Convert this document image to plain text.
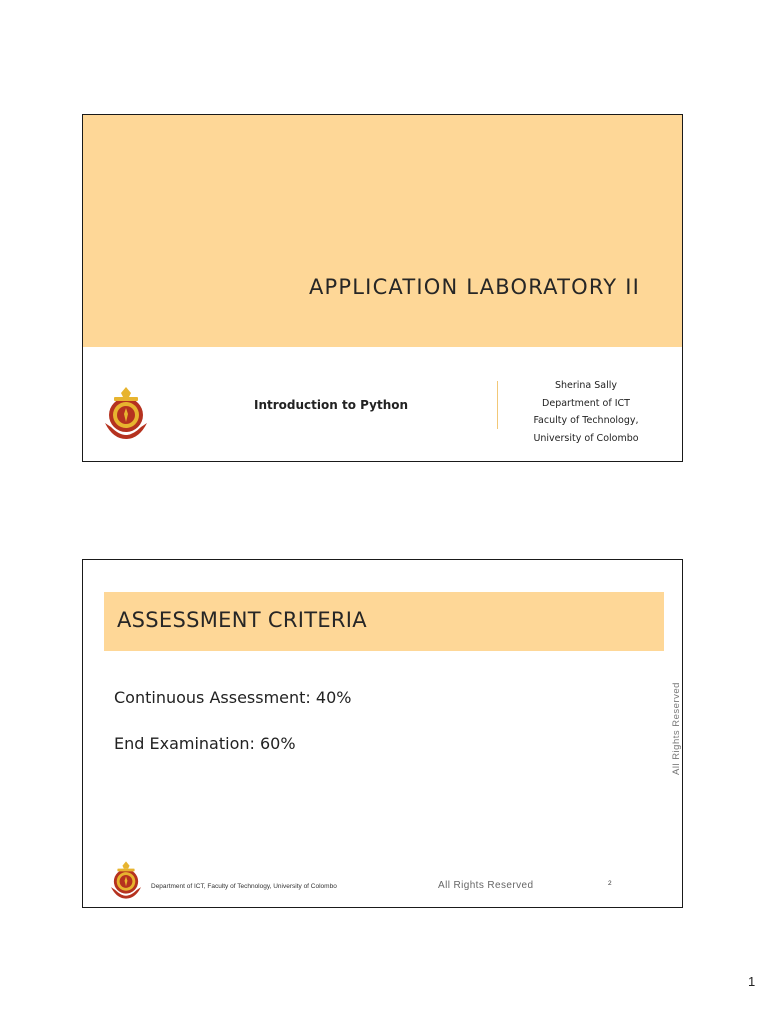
APPLICATION LABORATORY II
Introduction to Python
Sherina Sally
Department of ICT
Faculty of Technology,
University of Colombo
ASSESSMENT CRITERIA
Continuous Assessment: 40%
End Examination: 60%	All Rights Reserved
Department of ICT, Faculty of Technology, University of Colombo	All Rights Reserved	2
1
